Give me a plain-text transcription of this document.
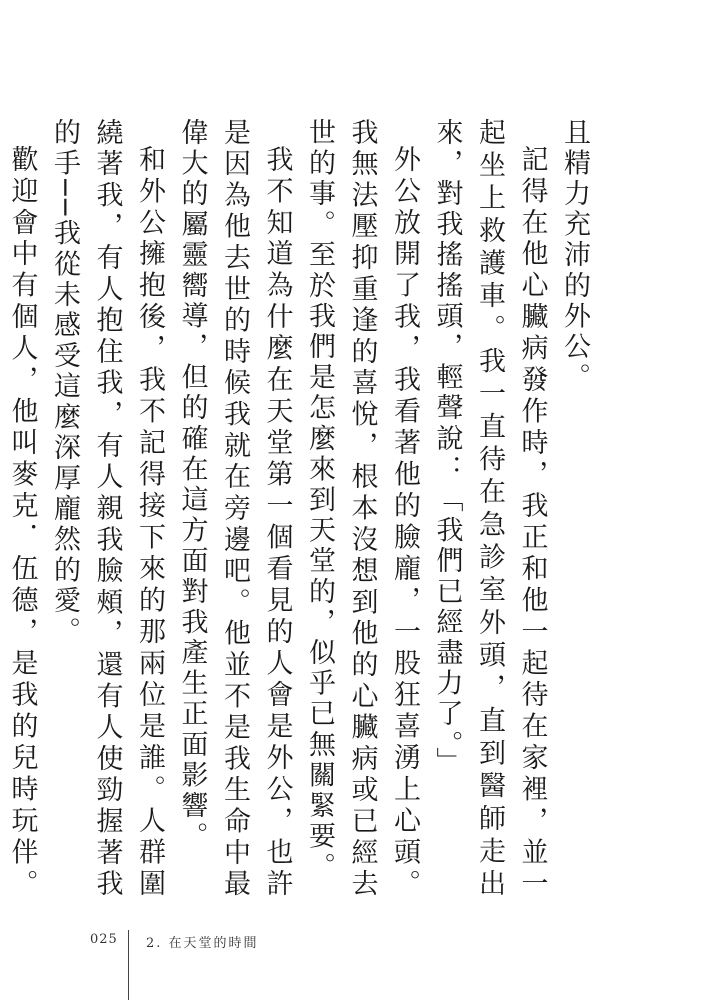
且精力充沛的外公。

記得在他心臟病發作時，我正和他一起待在家裡，並一起坐上救護車。我一直待在急診室外頭，直到醫師走出來，對我搖搖頭，輕聲說：「我們已經盡力了。」

外公放開了我，我看著他的臉龐，一股狂喜湧上心頭。我無法壓抑重逢的喜悅，根本沒想到他的心臟病或已經去世的事。至於我們是怎麼來到天堂的，似乎已無關緊要。

我不知道為什麼在天堂第一個看見的人會是外公，也許是因為他去世的時候我就在旁邊吧。他並不是我生命中最偉大的屬靈嚮導，但的確在這方面對我產生正面影響。

和外公擁抱後，我不記得接下來的那兩位是誰。人群圍繞著我，有人抱住我，有人親我臉頰，還有人使勁握著我的手──我從未感受這麼深厚龐然的愛。

歡迎會中有個人，他叫麥克．伍德，是我的兒時玩伴。

025 2. 在天堂的時間
